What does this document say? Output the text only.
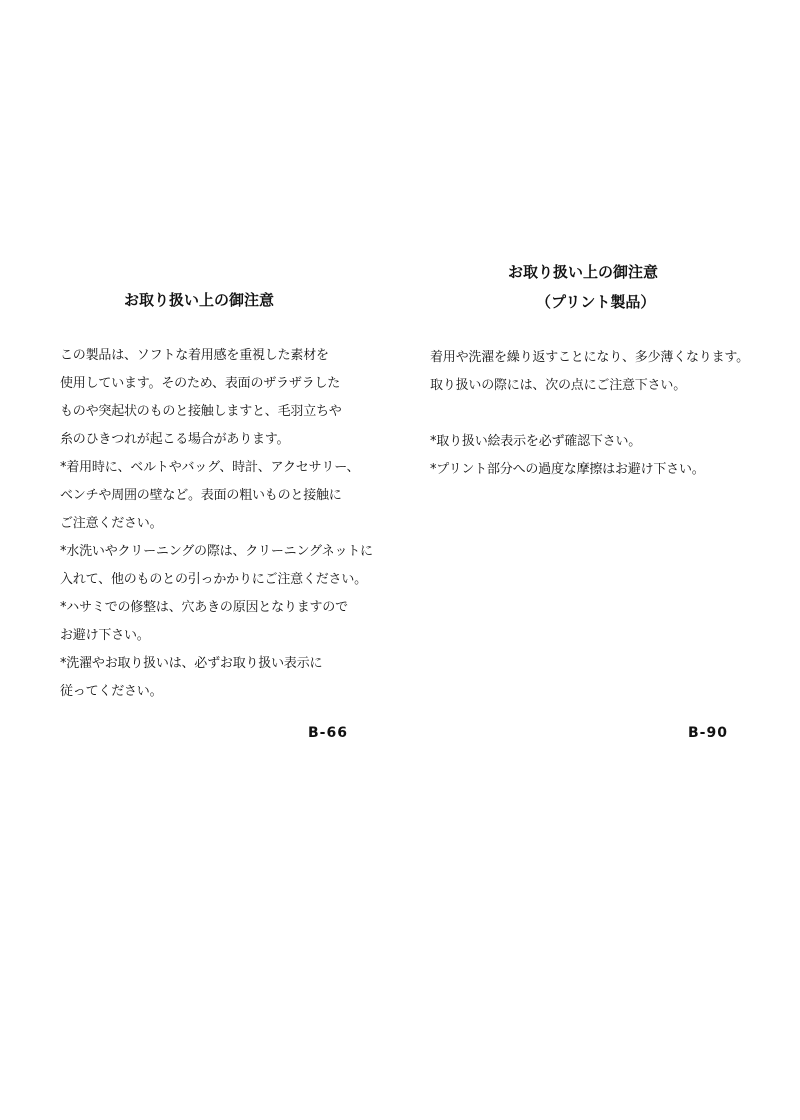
お取り扱い上の御注意

この製品は、ソフトな着用感を重視した素材を

使用しています。そのため、表面のザラザラした

ものや突起状のものと接触しますと、毛羽立ちや

糸のひきつれが起こる場合があります。

*着用時に、ベルトやバッグ、時計、アクセサリー、

ベンチや周囲の壁など。表面の粗いものと接触に

ご注意ください。

*水洗いやクリーニングの際は、クリーニングネットに

入れて、他のものとの引っかかりにご注意ください。

*ハサミでの修整は、穴あきの原因となりますので

お避け下さい。

*洗濯やお取り扱いは、必ずお取り扱い表示に

従ってください。

B-66
お取り扱い上の御注意
（プリント製品）

着用や洗濯を繰り返すことになり、多少薄くなります。

取り扱いの際には、次の点にご注意下さい。

*取り扱い絵表示を必ず確認下さい。

*プリント部分への過度な摩擦はお避け下さい。

B-90
